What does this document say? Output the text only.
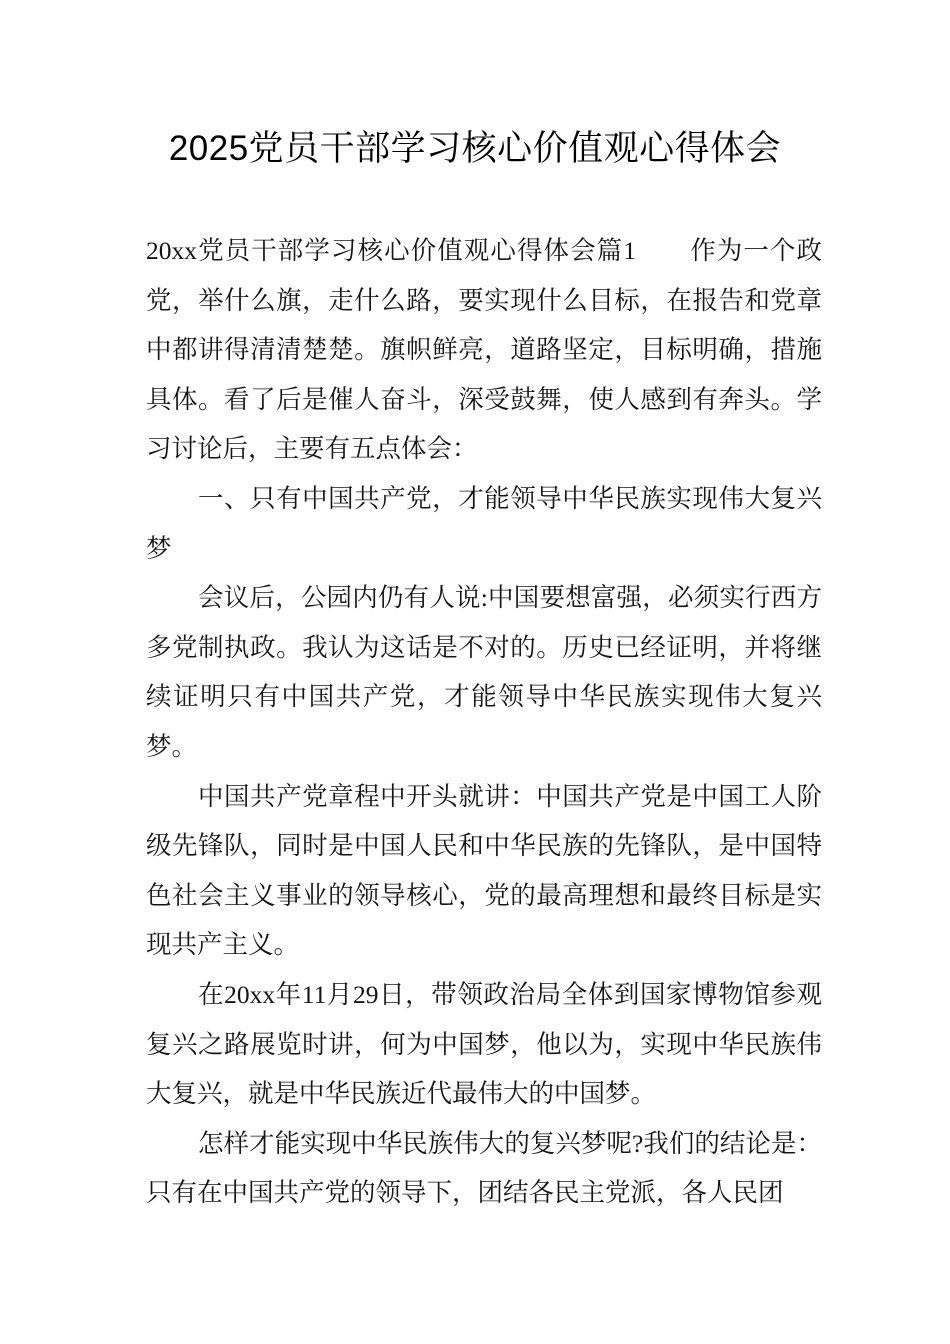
2025党员干部学习核心价值观心得体会

20xx党员干部学习核心价值观心得体会篇1　　作为一个政党，举什么旗，走什么路，要实现什么目标，在报告和党章中都讲得清清楚楚。旗帜鲜亮，道路坚定，目标明确，措施具体。看了后是催人奋斗，深受鼓舞，使人感到有奔头。学习讨论后，主要有五点体会：

一、只有中国共产党，才能领导中华民族实现伟大复兴梦

会议后，公园内仍有人说:中国要想富强，必须实行西方多党制执政。我认为这话是不对的。历史已经证明，并将继续证明只有中国共产党，才能领导中华民族实现伟大复兴梦。

中国共产党章程中开头就讲：中国共产党是中国工人阶级先锋队，同时是中国人民和中华民族的先锋队，是中国特色社会主义事业的领导核心，党的最高理想和最终目标是实现共产主义。

在20xx年11月29日，带领政治局全体到国家博物馆参观复兴之路展览时讲，何为中国梦，他以为，实现中华民族伟大复兴，就是中华民族近代最伟大的中国梦。

怎样才能实现中华民族伟大的复兴梦呢?我们的结论是：只有在中国共产党的领导下，团结各民主党派，各人民团
